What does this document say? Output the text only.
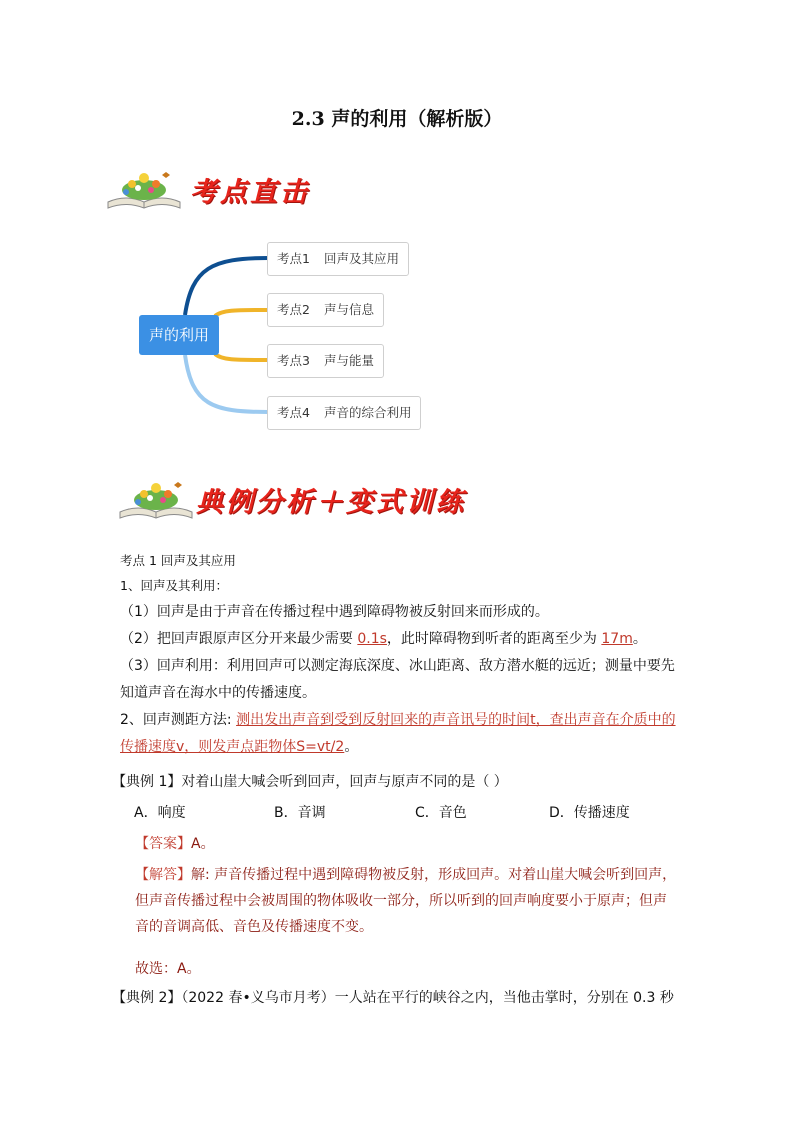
2.3 声的利用（解析版）
考点直击
声的利用
考点1 回声及其应用
考点2 声与信息
考点3 声与能量
考点4 声音的综合利用
典例分析＋变式训练
考点 1 回声及其应用
1、回声及其利用：
（1）回声是由于声音在传播过程中遇到障碍物被反射回来而形成的。
（2）把回声跟原声区分开来最少需要 0.1s，此时障碍物到听者的距离至少为 17m。
（3）回声利用：利用回声可以测定海底深度、冰山距离、敌方潜水艇的远近；测量中要先
知道声音在海水中的传播速度。
2、回声测距方法: 测出发出声音到受到反射回来的声音讯号的时间t，查出声音在介质中的
传播速度v，则发声点距物体S=vt/2。
【典例 1】对着山崖大喊会听到回声，回声与原声不同的是（ ）
A．响度	B．音调	C．音色	D．传播速度
【答案】A。
【解答】解: 声音传播过程中遇到障碍物被反射，形成回声。对着山崖大喊会听到回声，
但声音传播过程中会被周围的物体吸收一部分，所以听到的回声响度要小于原声；但声
音的音调高低、音色及传播速度不变。
故选：A。
【典例 2】（2022 春•义乌市月考）一人站在平行的峡谷之内，当他击掌时，分别在 0.3 秒
